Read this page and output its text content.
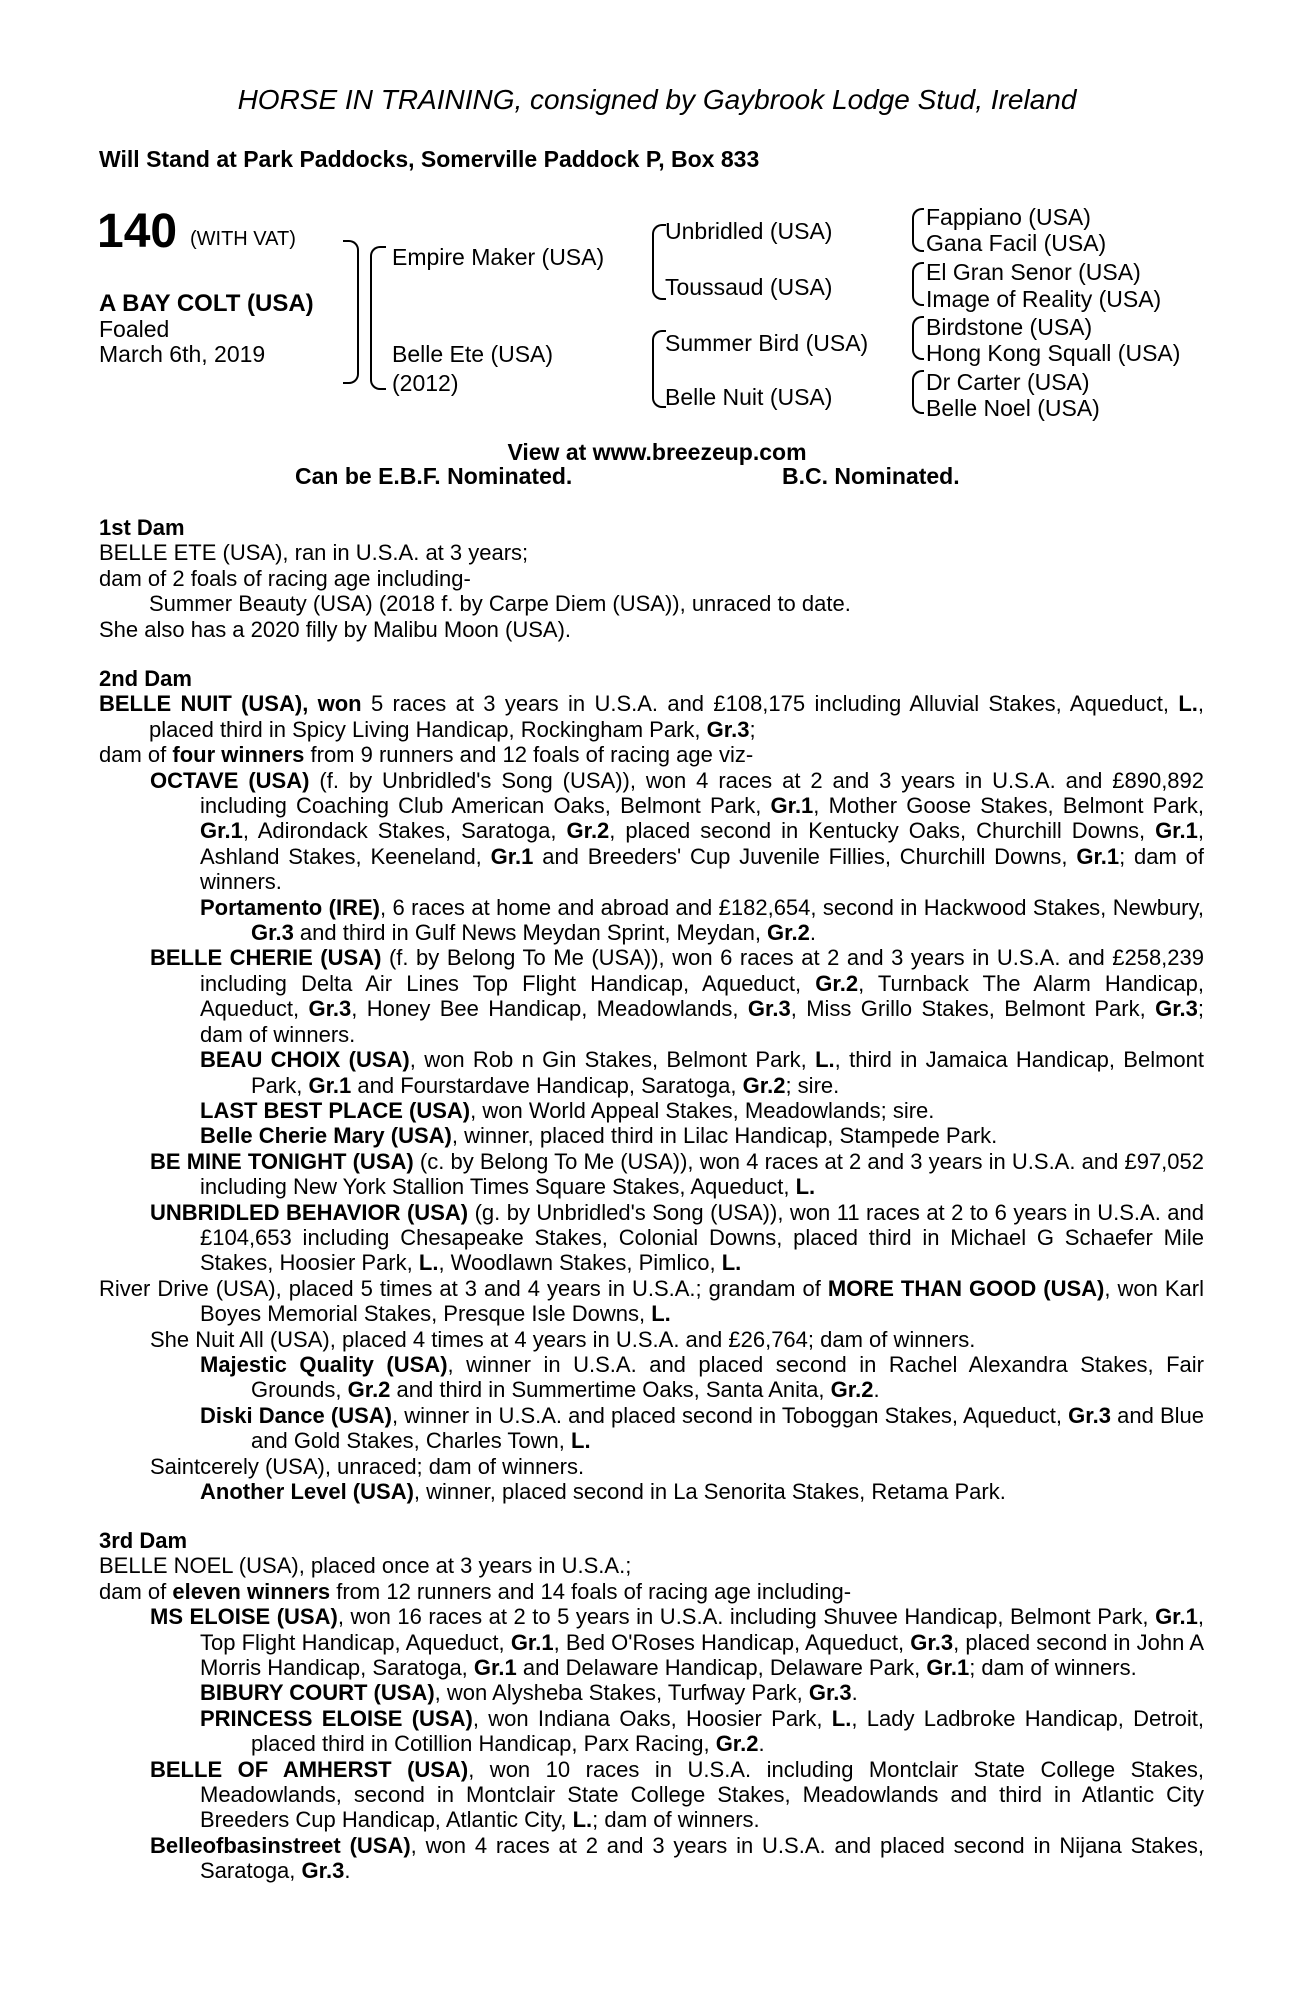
HORSE IN TRAINING, consigned by Gaybrook Lodge Stud, Ireland
Will Stand at Park Paddocks, Somerville Paddock P, Box 833
140 (WITH VAT)
A BAY COLT (USA)
Foaled
March 6th, 2019
Empire Maker (USA)
Belle Ete (USA)
(2012)
Unbridled (USA)
Toussaud (USA)
Summer Bird (USA)
Belle Nuit (USA)
Fappiano (USA)
Gana Facil (USA)
El Gran Senor (USA)
Image of Reality (USA)
Birdstone (USA)
Hong Kong Squall (USA)
Dr Carter (USA)
Belle Noel (USA)
View at www.breezeup.com
Can be E.B.F. Nominated.	B.C. Nominated.

1st Dam

BELLE ETE (USA), ran in U.S.A. at 3 years;

dam of 2 foals of racing age including-

Summer Beauty (USA) (2018 f. by Carpe Diem (USA)), unraced to date.

She also has a 2020 filly by Malibu Moon (USA).

2nd Dam

BELLE NUIT (USA), won 5 races at 3 years in U.S.A. and £108,175 including Alluvial Stakes, Aqueduct, L., placed third in Spicy Living Handicap, Rockingham Park, Gr.3;

dam of four winners from 9 runners and 12 foals of racing age viz-

OCTAVE (USA) (f. by Unbridled's Song (USA)), won 4 races at 2 and 3 years in U.S.A. and £890,892 including Coaching Club American Oaks, Belmont Park, Gr.1, Mother Goose Stakes, Belmont Park, Gr.1, Adirondack Stakes, Saratoga, Gr.2, placed second in Kentucky Oaks, Churchill Downs, Gr.1, Ashland Stakes, Keeneland, Gr.1 and Breeders' Cup Juvenile Fillies, Churchill Downs, Gr.1; dam of winners.

Portamento (IRE), 6 races at home and abroad and £182,654, second in Hackwood Stakes, Newbury, Gr.3 and third in Gulf News Meydan Sprint, Meydan, Gr.2.

BELLE CHERIE (USA) (f. by Belong To Me (USA)), won 6 races at 2 and 3 years in U.S.A. and £258,239 including Delta Air Lines Top Flight Handicap, Aqueduct, Gr.2, Turnback The Alarm Handicap, Aqueduct, Gr.3, Honey Bee Handicap, Meadowlands, Gr.3, Miss Grillo Stakes, Belmont Park, Gr.3; dam of winners.

BEAU CHOIX (USA), won Rob n Gin Stakes, Belmont Park, L., third in Jamaica Handicap, Belmont Park, Gr.1 and Fourstardave Handicap, Saratoga, Gr.2; sire.

LAST BEST PLACE (USA), won World Appeal Stakes, Meadowlands; sire.

Belle Cherie Mary (USA), winner, placed third in Lilac Handicap, Stampede Park.

BE MINE TONIGHT (USA) (c. by Belong To Me (USA)), won 4 races at 2 and 3 years in U.S.A. and £97,052 including New York Stallion Times Square Stakes, Aqueduct, L.

UNBRIDLED BEHAVIOR (USA) (g. by Unbridled's Song (USA)), won 11 races at 2 to 6 years in U.S.A. and £104,653 including Chesapeake Stakes, Colonial Downs, placed third in Michael G Schaefer Mile Stakes, Hoosier Park, L., Woodlawn Stakes, Pimlico, L.

River Drive (USA), placed 5 times at 3 and 4 years in U.S.A.; grandam of MORE THAN GOOD (USA), won Karl Boyes Memorial Stakes, Presque Isle Downs, L.

She Nuit All (USA), placed 4 times at 4 years in U.S.A. and £26,764; dam of winners.

Majestic Quality (USA), winner in U.S.A. and placed second in Rachel Alexandra Stakes, Fair Grounds, Gr.2 and third in Summertime Oaks, Santa Anita, Gr.2.

Diski Dance (USA), winner in U.S.A. and placed second in Toboggan Stakes, Aqueduct, Gr.3 and Blue and Gold Stakes, Charles Town, L.

Saintcerely (USA), unraced; dam of winners.

Another Level (USA), winner, placed second in La Senorita Stakes, Retama Park.

3rd Dam

BELLE NOEL (USA), placed once at 3 years in U.S.A.;

dam of eleven winners from 12 runners and 14 foals of racing age including-

MS ELOISE (USA), won 16 races at 2 to 5 years in U.S.A. including Shuvee Handicap, Belmont Park, Gr.1, Top Flight Handicap, Aqueduct, Gr.1, Bed O'Roses Handicap, Aqueduct, Gr.3, placed second in John A Morris Handicap, Saratoga, Gr.1 and Delaware Handicap, Delaware Park, Gr.1; dam of winners.

BIBURY COURT (USA), won Alysheba Stakes, Turfway Park, Gr.3.

PRINCESS ELOISE (USA), won Indiana Oaks, Hoosier Park, L., Lady Ladbroke Handicap, Detroit, placed third in Cotillion Handicap, Parx Racing, Gr.2.

BELLE OF AMHERST (USA), won 10 races in U.S.A. including Montclair State College Stakes, Meadowlands, second in Montclair State College Stakes, Meadowlands and third in Atlantic City Breeders Cup Handicap, Atlantic City, L.; dam of winners.

Belleofbasinstreet (USA), won 4 races at 2 and 3 years in U.S.A. and placed second in Nijana Stakes, Saratoga, Gr.3.
